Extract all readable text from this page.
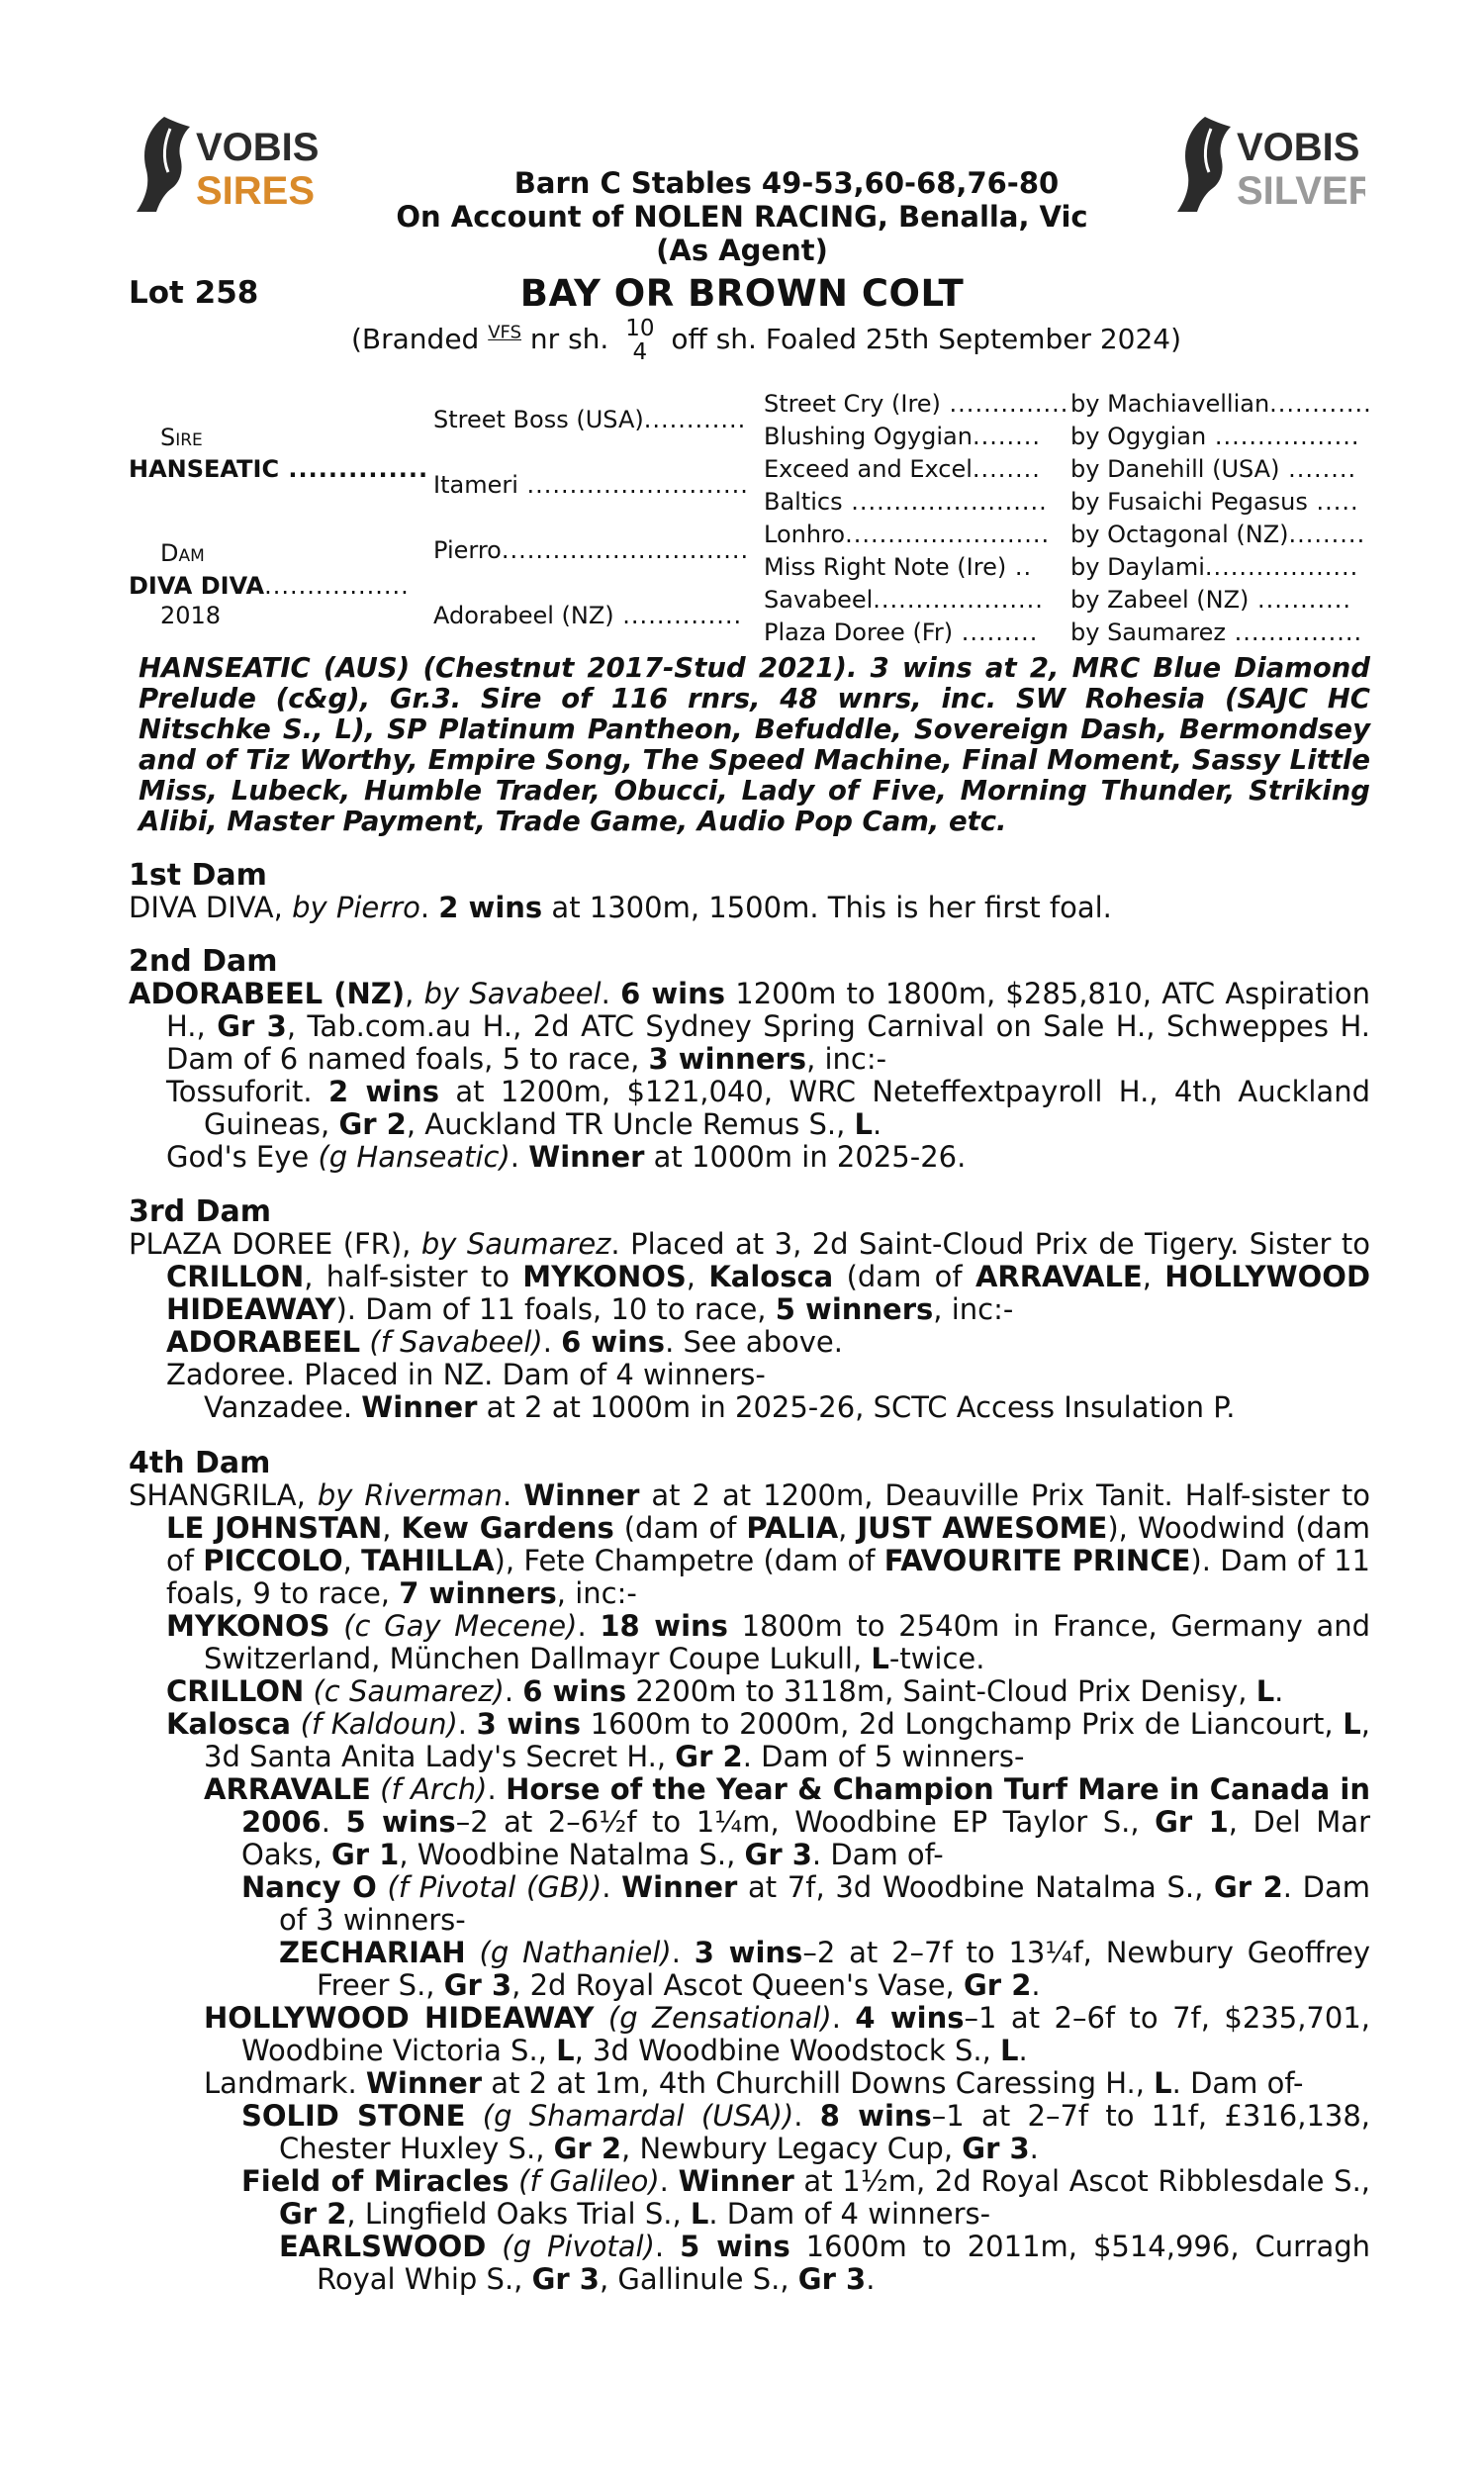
VOBIS
SIRES
VOBIS
SILVER
Barn C Stables 49-53,60-68,76-80
On Account of NOLEN RACING, Benalla, Vic
(As Agent)
Lot 258	BAY OR BROWN COLT
(Branded $^{VFS}$ nr sh. 10
4 off sh. Foaled 25th September 2024)
Sire
HANSEATIC ..............
Dam
DIVA DIVA.................
2018
Street Boss (USA)............
Itameri ..........................
Pierro.............................
Adorabeel (NZ) ..............
Street Cry (Ire) ..............
Blushing Ogygian........
Exceed and Excel........
Baltics .......................
Lonhro........................
Miss Right Note (Ire) ..
Savabeel....................
Plaza Doree (Fr) .........
by Machiavellian............
by Ogygian .................
by Danehill (USA) ........
by Fusaichi Pegasus .....
by Octagonal (NZ).........
by Daylami..................
by Zabeel (NZ) ...........
by Saumarez ...............
HANSEATIC (AUS) (Chestnut 2017-Stud 2021). 3 wins at 2, MRC Blue Diamond Prelude (c&g), Gr.3. Sire of 116 rnrs, 48 wnrs, inc. SW Rohesia (SAJC HC Nitschke S., L), SP Platinum Pantheon, Befuddle, Sovereign Dash, Bermondsey and of Tiz Worthy, Empire Song, The Speed Machine, Final Moment, Sassy Little Miss, Lubeck, Humble Trader, Obucci, Lady of Five, Morning Thunder, Striking Alibi, Master Payment, Trade Game, Audio Pop Cam, etc.
1st Dam
DIVA DIVA, by Pierro. 2 wins at 1300m, 1500m. This is her first foal.
2nd Dam
ADORABEEL (NZ), by Savabeel. 6 wins 1200m to 1800m, $285,810, ATC Aspiration H., Gr 3, Tab.com.au H., 2d ATC Sydney Spring Carnival on Sale H., Schweppes H. Dam of 6 named foals, 5 to race, 3 winners, inc:-
Tossuforit. 2 wins at 1200m, $121,040, WRC Neteffextpayroll H., 4th Auckland Guineas, Gr 2, Auckland TR Uncle Remus S., L.
God's Eye (g Hanseatic). Winner at 1000m in 2025-26.
3rd Dam
PLAZA DOREE (FR), by Saumarez. Placed at 3, 2d Saint-Cloud Prix de Tigery. Sister to CRILLON, half-sister to MYKONOS, Kalosca (dam of ARRAVALE, HOLLYWOOD HIDEAWAY). Dam of 11 foals, 10 to race, 5 winners, inc:-
ADORABEEL (f Savabeel). 6 wins. See above.
Zadoree. Placed in NZ. Dam of 4 winners-
Vanzadee. Winner at 2 at 1000m in 2025-26, SCTC Access Insulation P.
4th Dam
SHANGRILA, by Riverman. Winner at 2 at 1200m, Deauville Prix Tanit. Half-sister to LE JOHNSTAN, Kew Gardens (dam of PALIA, JUST AWESOME), Woodwind (dam of PICCOLO, TAHILLA), Fete Champetre (dam of FAVOURITE PRINCE). Dam of 11 foals, 9 to race, 7 winners, inc:-
MYKONOS (c Gay Mecene). 18 wins 1800m to 2540m in France, Germany and Switzerland, München Dallmayr Coupe Lukull, L-twice.
CRILLON (c Saumarez). 6 wins 2200m to 3118m, Saint-Cloud Prix Denisy, L.
Kalosca (f Kaldoun). 3 wins 1600m to 2000m, 2d Longchamp Prix de Liancourt, L, 3d Santa Anita Lady's Secret H., Gr 2. Dam of 5 winners-
ARRAVALE (f Arch). Horse of the Year & Champion Turf Mare in Canada in 2006. 5 wins–2 at 2–6½f to 1¼m, Woodbine EP Taylor S., Gr 1, Del Mar Oaks, Gr 1, Woodbine Natalma S., Gr 3. Dam of-
Nancy O (f Pivotal (GB)). Winner at 7f, 3d Woodbine Natalma S., Gr 2. Dam of 3 winners-
ZECHARIAH (g Nathaniel). 3 wins–2 at 2–7f to 13¼f, Newbury Geoffrey Freer S., Gr 3, 2d Royal Ascot Queen's Vase, Gr 2.
HOLLYWOOD HIDEAWAY (g Zensational). 4 wins–1 at 2–6f to 7f, $235,701, Woodbine Victoria S., L, 3d Woodbine Woodstock S., L.
Landmark. Winner at 2 at 1m, 4th Churchill Downs Caressing H., L. Dam of-
SOLID STONE (g Shamardal (USA)). 8 wins–1 at 2–7f to 11f, £316,138, Chester Huxley S., Gr 2, Newbury Legacy Cup, Gr 3.
Field of Miracles (f Galileo). Winner at 1½m, 2d Royal Ascot Ribblesdale S., Gr 2, Lingfield Oaks Trial S., L. Dam of 4 winners-
EARLSWOOD (g Pivotal). 5 wins 1600m to 2011m, $514,996, Curragh Royal Whip S., Gr 3, Gallinule S., Gr 3.
